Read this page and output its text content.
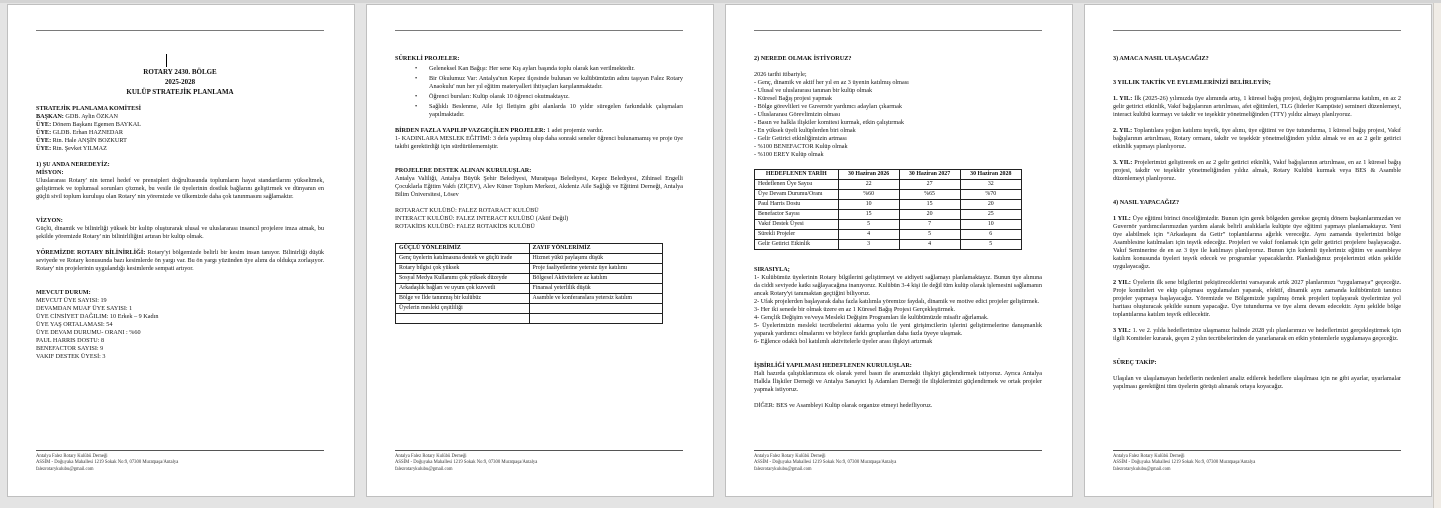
ROTARY 2430. BÖLGE
2025-2028
KULÜP STRATEJİK PLANLAMA
STRATEJİK PLANLAMA KOMİTESİ
BAŞKAN: GDB. Aylin ÖZKAN
ÜYE: Dönem Başkanı Egemen BAYKAL
ÜYE: GLDB. Erhan HAZNEDAR
ÜYE: Rtn. Hale ANŞİN BOZKURT
ÜYE: Rtn. Şevket YILMAZ
1) ŞU ANDA NEREDEYİZ:
MİSYON:
Uluslararası Rotary' nin temel hedef ve prensipleri doğrultusunda toplumların hayat standartlarını yükseltmek, geliştirmek ve toplumsal sorunları çözmek, bu vesile ile üyelerinin dostluk bağlarını geliştirmek ve dünyanın en güçlü sivil toplum kuruluşu olan Rotary' nin yöremizde ve ülkemizde daha çok tanınmasını sağlamaktır.
VİZYON:
Güçlü, dinamik ve bilinirliği yüksek bir kulüp oluşturarak ulusal ve uluslararası insancıl projelere imza atmak, bu şekilde yöremizde Rotary' nin bilinirliliğini artıran bir kulüp olmak.
YÖREMİZDE ROTARY BİLİNİRLİĞİ: Rotary'yi bölgemizde belirli bir kesim insan tanıyor. Bilinirliği düşük seviyede ve Rotary konusunda bazı kesimlerde ön yargı var. Bu ön yargı yüzünden üye alımı da oldukça zorlaşıyor. Rotary' nin projelerinin uygulandığı kesimlerde sempati artıyor.
MEVCUT DURUM:
MEVCUT ÜYE SAYISI: 19
DEVAMDAN MUAF ÜYE SAYISI: 1
ÜYE CİNSİYET DAĞILIM: 10 Erkek – 9 Kadın
ÜYE YAŞ ORTALAMASI: 54
ÜYE DEVAM DURUMU- ORANI : %60
PAUL HARRIS DOSTU: 8
BENEFACTOR SAYISI: 9
VAKIF DESTEK ÜYESİ: 3
Antalya Falez Rotary Kulübü Derneği
ASSİM - Doğuyaka Mahallesi 1219 Sokak No:9, 07300 Muratpaşa/Antalya
falezrotarykulubu@gmail.com
SÜREKLİ PROJELER:
• Geleneksel Kan Bağışı: Her sene Kış ayları başında toplu olarak kan verilmektedir.
• Bir Okulumuz Var: Antalya'nın Kepez ilçesinde bulunan ve kulübümüzün adını taşıyan Falez Rotary Anaokulu' nun her yıl eğitim materyalleri ihtiyaçları karşılanmaktadır.
• Öğrenci bursları: Kulüp olarak 10 öğrenci okutmaktayız.
• Sağlıklı Beslenme, Aile İçi İletişim gibi alanlarda 10 yıldır süregelen farkındalık çalışmaları yapılmaktadır.
BİRDEN FAZLA YAPILIP VAZGEÇİLEN PROJELER: 1 adet projemiz vardır.
1- KADINLARA MESLEK EĞİTİMİ: 3 defa yapılmış olup daha sonraki seneler öğrenci bulunamamış ve proje üye takibi gerektirdiği için sürdürülememiştir.
PROJELERE DESTEK ALINAN KURULUŞLAR:
Antalya Valiliği, Antalya Büyük Şehir Belediyesi, Muratpaşa Belediyesi, Kepez Belediyesi, Zihinsel Engelli Çocuklarla Eğitim Vakfı (ZİÇEV), Alev Küner Toplum Merkezi, Akdeniz Aile Sağlığı ve Eğitimi Derneği, Antalya Bilim Üniversitesi, Lösev
ROTARACT KULÜBÜ: FALEZ ROTARACT KULÜBÜ
INTERACT KULÜBÜ: FALEZ INTERACT KULÜBÜ (Aktif Değil)
ROTAKİDS KULÜBÜ: FALEZ ROTAKİDS KULÜBÜ
GÜÇLÜ YÖNLERİMİZ	ZAYIF YÖNLERİMİZ
Genç üyelerin katılmasına destek ve güçlü irade	Hizmet yükü paylaşımı düşük
Rotary bilgisi çok yüksek	Proje faaliyetlerine yetersiz üye katılımı
Sosyal Medya Kullanımı çok yüksek düzeyde	Bölgesel Aktivitelere az katılım
Arkadaşlık bağları ve uyum çok kuvvetli	Finansal yeterlilik düşük
Bölge ve İlde tanınmış bir kulübüz	Asamble ve konferanslara yetersiz katılım
Üyelerin mesleki çeşitliliği	

Antalya Falez Rotary Kulübü Derneği
ASSİM - Doğuyaka Mahallesi 1219 Sokak No:9, 07300 Muratpaşa/Antalya
falezrotarykulubu@gmail.com
2) NEREDE OLMAK İSTİYORUZ?
2026 tarihi itibariyle;
- Genç, dinamik ve aktif her yıl en az 3 üyenin katılmış olması
- Ulusal ve uluslararası tanınan bir kulüp olmak
- Küresel Bağış projesi yapmak
- Bölge görevlileri ve Guvernör yardımcı adayları çıkarmak
- Uluslararası Görevlimizin olması
- Basın ve halkla ilişkiler komitesi kurmak, etkin çalıştırmak
- En yüksek üyeli kulüplerden biri olmak
- Gelir Getirici etkinliğimizin artması
- %100 BENEFACTOR Kulüp olmak
- %100 EREY Kulüp olmak
HEDEFLENEN TARİH	30 Haziran 2026	30 Haziran 2027	30 Haziran 2028
Hedeflenen Üye Sayısı	22	27	32
Üye Devam Durumu/Oranı	%60	%65	%70
Paul Harris Dostu	10	15	20
Benefactor Sayısı	15	20	25
Vakıf Destek Üyesi	5	7	10
Sürekli Projeler	4	5	6
Gelir Getirici Etkinlik	3	4	5
SIRASIYLA;
1- Kulübümüz üyelerinin Rotary bilgilerini geliştirmeyi ve aidiyeti sağlamayı planlamaktayız. Bunun üye alımına da ciddi seviyede katkı sağlayacağına inanıyoruz. Kulübün 3-4 kişi ile değil tüm kulüp olarak işlemesini sağlamanın ancak Rotary'yi tanımaktan geçtiğini biliyoruz.
2- Ufak projelerden başlayarak daha fazla katılımla yöremize faydalı, dinamik ve motive edici projeler geliştirmek.
3- Her iki senede bir olmak üzere en az 1 Küresel Bağış Projesi Gerçekleştirmek.
4- Gençlik Değişim ve/veya Mesleki Değişim Programları ile kulübümüzde misafir ağırlamak.
5- Üyelerimizin mesleki tecrübelerini aktarma yolu ile yeni girişimcilerin işlerini geliştirmelerine danışmanlık yaparak yardımcı olmalarını ve böylece farklı gruplardan daha fazla üyeye ulaşmak.
6- Eğlence odaklı bol katılımlı aktivitelerle üyeler arası ilişkiyi artırmak
İŞBİRLİĞİ YAPILMASI HEDEFLENEN KURULUŞLAR:
Hali hazırda çalıştıklarımıza ek olarak yerel basın ile aramızdaki ilişkiyi güçlendirmek istiyoruz. Ayrıca Antalya Halkla İlişkiler Derneği ve Antalya Sanayici İş Adamları Derneği ile ilişkilerimizi güçlendirmek ve ortak projeler yapmak istiyoruz.
DİĞER: BES ve Asambleyi Kulüp olarak organize etmeyi hedefliyoruz.
Antalya Falez Rotary Kulübü Derneği
ASSİM - Doğuyaka Mahallesi 1219 Sokak No:9, 07300 Muratpaşa/Antalya
falezrotarykulubu@gmail.com
3) AMACA NASIL ULAŞACAĞIZ?
3 YILLIK TAKTİK VE EYLEMLERİNİZİ BELİRLEYİN;
1. YIL: İlk (2025-26) yılımızda üye alımında artış, 1 küresel bağış projesi, değişim programlarına katılım, en az 2 gelir getirici etkinlik, Vakıf bağışlarının artırılması, afet eğitimleri, TLG (liderler Kampüste) semineri düzenlemeyi, interact kulübü kurmayı ve takdir ve teşekkür yönetmeliğinden (TTY) yıldız almayı planlıyoruz.
2. YIL: Toplantılara yoğun katılımı teşvik, üye alımı, üye eğitimi ve üye tutundurma, 1 küresel bağış projesi, Vakıf bağışlarının artırılması, Rotary ormanı, takdir ve teşekkür yönetmeliğinden yıldız almak ve en az 2 gelir getirici etkinlik yapmayı planlıyoruz.
3. YIL: Projelerimizi geliştirerek en az 2 gelir getirici etkinlik, Vakıf bağışlarının artırılması, en az 1 küresel bağış projesi, takdir ve teşekkür yönetmeliğinden yıldız almak, Rotary Kulübü kurmak veya BES & Asamble düzenlemeyi planlıyoruz.
4) NASIL YAPACAĞIZ?
1 YIL: Üye eğitimi birinci önceliğimizdir. Bunun için gerek bölgeden gerekse geçmiş dönem başkanlarımızdan ve Guvernör yardımcılarımızdan yardım alarak belirli aralıklarla kulüpte üye eğitimi yapmayı planlamaktayız. Yeni üye alabilmek için “Arkadaşını da Getir” toplantılarına ağırlık vereceğiz. Aynı zamanda üyelerimizi bölge Asamblesine katılmaları için teşvik edeceğiz. Projeleri ve vakıf fonlamak için gelir getirici projelere başlayacağız. Vakıf Seminerine de en az 3 üye ile katılmayı planlıyoruz. Bunun için kıdemli üyelerimiz eğitim ve asambleye katılım konusunda üyeleri teşvik edecek ve programlar yapacaklardır. Planladığımız projelerimizi etkin şekilde uygulayacağız.
2 YIL: Üyelerin ilk sene bilgilerini pekiştireceklerini varsayarak artık 2027 planlarımızı “uygulamaya” geçeceğiz. Proje komiteleri ve ekip çalışması uygulamaları yaparak, efektif, dinamik aynı zamanda kulübümüzü tanıtıcı projeler yapmaya başlayacağız. Yöremizde ve Bölgemizde yapılmış örnek projeleri toplayarak üyelerimize yol haritası oluşturacak şekilde sunum yapacağız. Üye tutundurma ve üye alımı devam edecektir. Aynı şekilde bölge toplantılarına katılım teşvik edilecektir.
3 YIL: 1. ve 2. yılda hedeflerimize ulaşmamız halinde 2028 yılı planlarımızı ve hedeflerimizi gerçekleştirmek için ilgili Komiteler kurarak, geçen 2 yılın tecrübelerinden de yararlanarak en etkin yöntemlerle uygulamaya geçeceğiz.
SÜREÇ TAKİP:
Ulaşılan ve ulaşılamayan hedeflerin nedenleri analiz edilerek hedeflere ulaşılması için ne gibi ayarlar, uyarlamalar yapılması gerektiğini tüm üyelerin görüşü alınarak ortaya koyacağız.
Antalya Falez Rotary Kulübü Derneği
ASSİM - Doğuyaka Mahallesi 1219 Sokak No:9, 07300 Muratpaşa/Antalya
falezrotarykulubu@gmail.com
